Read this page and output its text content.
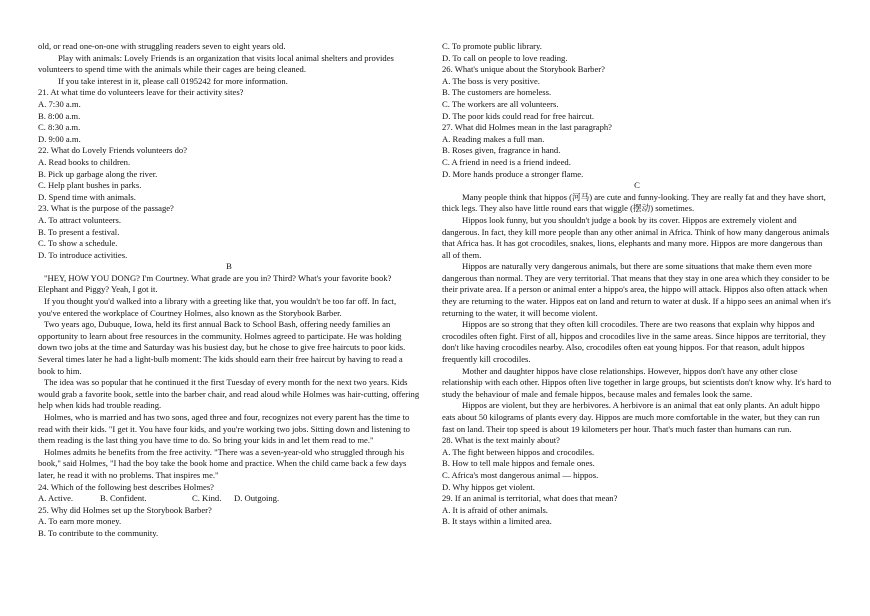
old, or read one-on-one with struggling readers seven to eight years old.

Play with animals: Lovely Friends is an organization that visits local animal shelters and provides volunteers to spend time with the animals while their cages are being cleaned.

If you take interest in it, please call 0195242 for more information.

21. At what time do volunteers leave for their activity sites?

A. 7:30 a.m.

B. 8:00 a.m.

C. 8:30 a.m.

D. 9:00 a.m.

22. What do Lovely Friends volunteers do?

A. Read books to children.

B. Pick up garbage along the river.

C. Help plant bushes in parks.

D. Spend time with animals.

23. What is the purpose of the passage?

A. To attract volunteers.

B. To present a festival.

C. To show a schedule.

D. To introduce activities.

B

"HEY, HOW YOU DONG? I'm Courtney. What grade are you in? Third? What's your favorite book? Elephant and Piggy? Yeah, I got it.

If you thought you'd walked into a library with a greeting like that, you wouldn't be too far off. In fact, you've entered the workplace of Courtney Holmes, also known as the Storybook Barber.

Two years ago, Dubuque, Iowa, held its first annual Back to School Bash, offering needy families an opportunity to learn about free resources in the community. Holmes agreed to participate. He was holding down two jobs at the time and Saturday was his busiest day, but he chose to give free haircuts to poor kids. Several times later he had a light-bulb moment: The kids should earn their free haircut by having to read a book to him.

The idea was so popular that he continued it the first Tuesday of every month for the next two years. Kids would grab a favorite book, settle into the barber chair, and read aloud while Holmes was hair-cutting, offering help when kids had trouble reading.

Holmes, who is married and has two sons, aged three and four, recognizes not every parent has the time to read with their kids. "I get it. You have four kids, and you're working two jobs. Sitting down and listening to them reading is the last thing you have time to do. So bring your kids in and let them read to me."

Holmes admits he benefits from the free activity. "There was a seven-year-old who struggled through his book," said Holmes, "I had the boy take the book home and practice. When the child came back a few days later, he read it with no problems. That inspires me."

24. Which of the following best describes Holmes?

A. Active.	B. Confident.	C. Kind.	D. Outgoing.

25. Why did Holmes set up the Storybook Barber?

A. To earn more money.

B. To contribute to the community.

C. To promote public library.

D. To call on people to love reading.

26. What's unique about the Storybook Barber?

A. The boss is very positive.

B. The customers are homeless.

C. The workers are all volunteers.

D. The poor kids could read for free haircut.

27. What did Holmes mean in the last paragraph?

A. Reading makes a full man.

B. Roses given, fragrance in hand.

C. A friend in need is a friend indeed.

D. More hands produce a stronger flame.

C

Many people think that hippos (河马) are cute and funny-looking. They are really fat and they have short, thick legs. They also have little round ears that wiggle (摆动) sometimes.

Hippos look funny, but you shouldn't judge a book by its cover. Hippos are extremely violent and dangerous. In fact, they kill more people than any other animal in Africa. Think of how many dangerous animals that Africa has. It has got crocodiles, snakes, lions, elephants and many more. Hippos are more dangerous than all of them.

Hippos are naturally very dangerous animals, but there are some situations that make them even more dangerous than normal. They are very territorial. That means that they stay in one area which they consider to be their private area. If a person or animal enter a hippo's area, the hippo will attack. Hippos also often attack when they are returning to the water. Hippos eat on land and return to water at dusk. If a hippo sees an animal when it's returning to the water, it will become violent.

Hippos are so strong that they often kill crocodiles. There are two reasons that explain why hippos and crocodiles often fight. First of all, hippos and crocodiles live in the same areas. Since hippos are territorial, they don't like having crocodiles nearby. Also, crocodiles often eat young hippos. For that reason, adult hippos frequently kill crocodiles.

Mother and daughter hippos have close relationships. However, hippos don't have any other close relationship with each other. Hippos often live together in large groups, but scientists don't know why. It's hard to study the behaviour of male and female hippos, because males and females look the same.

Hippos are violent, but they are herbivores. A herbivore is an animal that eat only plants. An adult hippo eats about 50 kilograms of plants every day. Hippos are much more comfortable in the water, but they can run fast on land. Their top speed is about 19 kilometers per hour. That's much faster than humans can run.

28. What is the text mainly about?

A. The fight between hippos and crocodiles.

B. How to tell male hippos and female ones.

C. Africa's most dangerous animal — hippos.

D. Why hippos get violent.

29. If an animal is territorial, what does that mean?

A. It is afraid of other animals.

B. It stays within a limited area.
